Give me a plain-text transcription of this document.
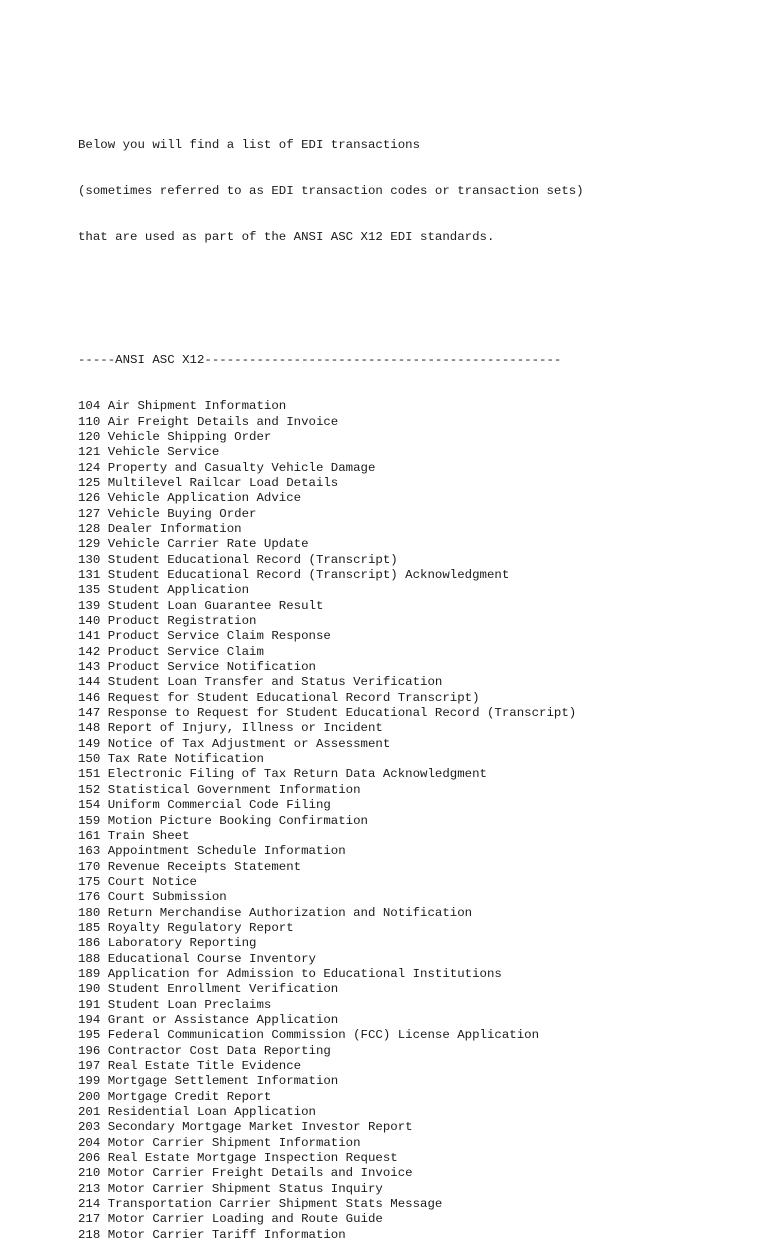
Below you will find a list of EDI transactions

(sometimes referred to as EDI transaction codes or transaction sets)

that are used as part of the ANSI ASC X12 EDI standards.

-----ANSI ASC X12------------------------------------------------

104 Air Shipment Information
110 Air Freight Details and Invoice
120 Vehicle Shipping Order
121 Vehicle Service
124 Property and Casualty Vehicle Damage
125 Multilevel Railcar Load Details
126 Vehicle Application Advice
127 Vehicle Buying Order
128 Dealer Information
129 Vehicle Carrier Rate Update
130 Student Educational Record (Transcript)
131 Student Educational Record (Transcript) Acknowledgment
135 Student Application
139 Student Loan Guarantee Result
140 Product Registration
141 Product Service Claim Response
142 Product Service Claim
143 Product Service Notification
144 Student Loan Transfer and Status Verification
146 Request for Student Educational Record Transcript)
147 Response to Request for Student Educational Record (Transcript)
148 Report of Injury, Illness or Incident
149 Notice of Tax Adjustment or Assessment
150 Tax Rate Notification
151 Electronic Filing of Tax Return Data Acknowledgment
152 Statistical Government Information
154 Uniform Commercial Code Filing
159 Motion Picture Booking Confirmation
161 Train Sheet
163 Appointment Schedule Information
170 Revenue Receipts Statement
175 Court Notice
176 Court Submission
180 Return Merchandise Authorization and Notification
185 Royalty Regulatory Report
186 Laboratory Reporting
188 Educational Course Inventory
189 Application for Admission to Educational Institutions
190 Student Enrollment Verification
191 Student Loan Preclaims
194 Grant or Assistance Application
195 Federal Communication Commission (FCC) License Application
196 Contractor Cost Data Reporting
197 Real Estate Title Evidence
199 Mortgage Settlement Information
200 Mortgage Credit Report
201 Residential Loan Application
203 Secondary Mortgage Market Investor Report
204 Motor Carrier Shipment Information
206 Real Estate Mortgage Inspection Request
210 Motor Carrier Freight Details and Invoice
213 Motor Carrier Shipment Status Inquiry
214 Transportation Carrier Shipment Stats Message
217 Motor Carrier Loading and Route Guide
218 Motor Carrier Tariff Information
